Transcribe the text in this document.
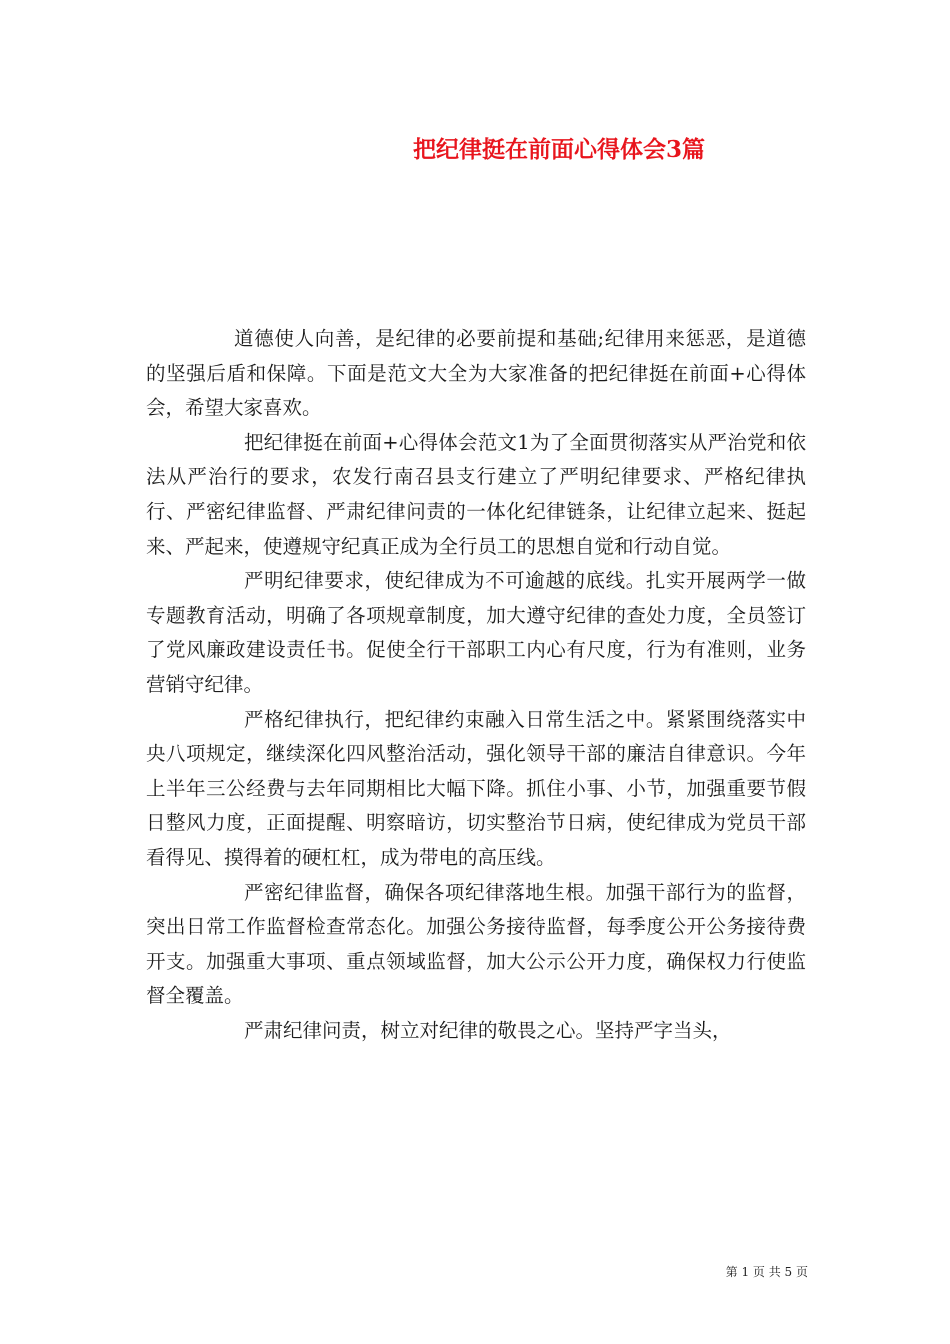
把纪律挺在前面心得体会3篇

道德使人向善，是纪律的必要前提和基础;纪律用来惩恶，是道德的坚强后盾和保障。下面是范文大全为大家准备的把纪律挺在前面+心得体会，希望大家喜欢。

把纪律挺在前面+心得体会范文1为了全面贯彻落实从严治党和依法从严治行的要求，农发行南召县支行建立了严明纪律要求、严格纪律执行、严密纪律监督、严肃纪律问责的一体化纪律链条，让纪律立起来、挺起来、严起来，使遵规守纪真正成为全行员工的思想自觉和行动自觉。

严明纪律要求，使纪律成为不可逾越的底线。扎实开展两学一做专题教育活动，明确了各项规章制度，加大遵守纪律的查处力度，全员签订了党风廉政建设责任书。促使全行干部职工内心有尺度，行为有准则，业务营销守纪律。

严格纪律执行，把纪律约束融入日常生活之中。紧紧围绕落实中央八项规定，继续深化四风整治活动，强化领导干部的廉洁自律意识。今年上半年三公经费与去年同期相比大幅下降。抓住小事、小节，加强重要节假日整风力度，正面提醒、明察暗访，切实整治节日病，使纪律成为党员干部看得见、摸得着的硬杠杠，成为带电的高压线。

严密纪律监督，确保各项纪律落地生根。加强干部行为的监督，突出日常工作监督检查常态化。加强公务接待监督，每季度公开公务接待费开支。加强重大事项、重点领域监督，加大公示公开力度，确保权力行使监督全覆盖。

严肃纪律问责，树立对纪律的敬畏之心。坚持严字当头，

第 1 页 共 5 页
